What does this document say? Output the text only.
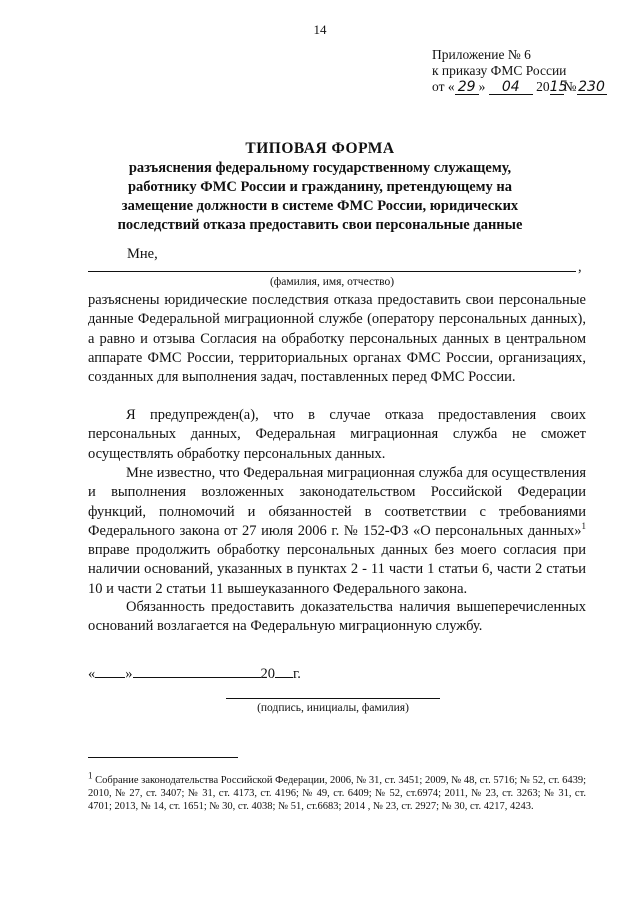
14
Приложение № 6
к приказу ФМС России
от « 29 » 04 2015№ 230
ТИПОВАЯ ФОРМА
разъяснения федеральному государственному служащему, работнику ФМС России и гражданину, претендующему на замещение должности в системе ФМС России, юридических последствий отказа предоставить свои персональные данные
Мне,
,
(фамилия, имя, отчество)

разъяснены юридические последствия отказа предоставить свои персональные данные Федеральной миграционной службе (оператору персональных данных), а равно и отзыва Согласия на обработку персональных данных в центральном аппарате ФМС России, территориальных органах ФМС России, организациях, созданных для выполнения задач, поставленных перед ФМС России.

Я предупрежден(а), что в случае отказа предоставления своих персональных данных, Федеральная миграционная служба не сможет осуществлять обработку персональных данных.

Мне известно, что Федеральная миграционная служба для осуществления и выполнения возложенных законодательством Российской Федерации функций, полномочий и обязанностей в соответствии с требованиями Федерального закона от 27 июля 2006 г. № 152-ФЗ «О персональных данных»$^1$ вправе продолжить обработку персональных данных без моего согласия при наличии оснований, указанных в пунктах 2 - 11 части 1 статьи 6, части 2 статьи 10 и части 2 статьи 11 вышеуказанного Федерального закона.

Обязанность предоставить доказательства наличия вышеперечисленных оснований возлагается на Федеральную миграционную службу.

« »	20 г.
(подпись, инициалы, фамилия)

$^1$ Собрание законодательства Российской Федерации, 2006, № 31, ст. 3451; 2009, № 48, ст. 5716; № 52, ст. 6439; 2010, № 27, ст. 3407; № 31, ст. 4173, ст. 4196; № 49, ст. 6409; № 52, ст.6974; 2011, № 23, ст. 3263; № 31, ст. 4701; 2013, № 14, ст. 1651; № 30, ст. 4038; № 51, ст.6683; 2014 , № 23, ст. 2927; № 30, ст. 4217, 4243.
